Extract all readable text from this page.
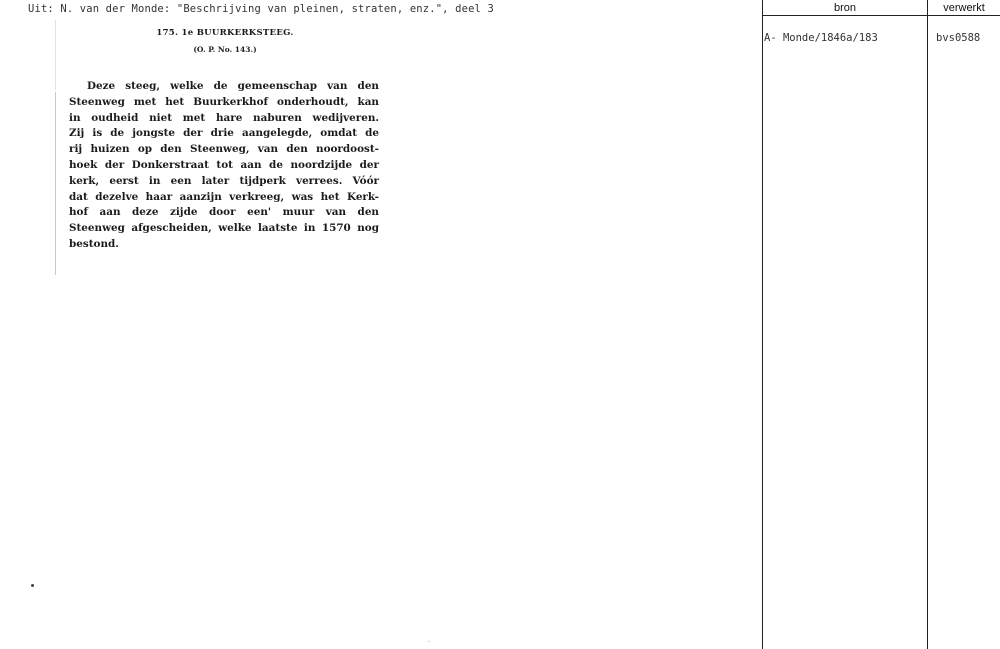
Uit: N. van der Monde: "Beschrijving van pleinen, straten, enz.", deel 3
175. 1e BUURKERKSTEEG.
(O. P. No. 143.)
Deze steeg, welke de gemeenschap van den
Steenweg met het Buurkerkhof onderhoudt, kan
in oudheid niet met hare naburen wedijveren.
Zij is de jongste der drie aangelegde, omdat de
rij huizen op den Steenweg, van den noordoost-
hoek der Donkerstraat tot aan de noordzijde der
kerk, eerst in een later tijdperk verrees. Vóór
dat dezelve haar aanzijn verkreeg, was het Kerk-
hof aan deze zijde door een' muur van den
Steenweg afgescheiden, welke laatste in 1570 nog
bestond.
bron	verwerkt
A- Monde/1846a/183	bvs0588
